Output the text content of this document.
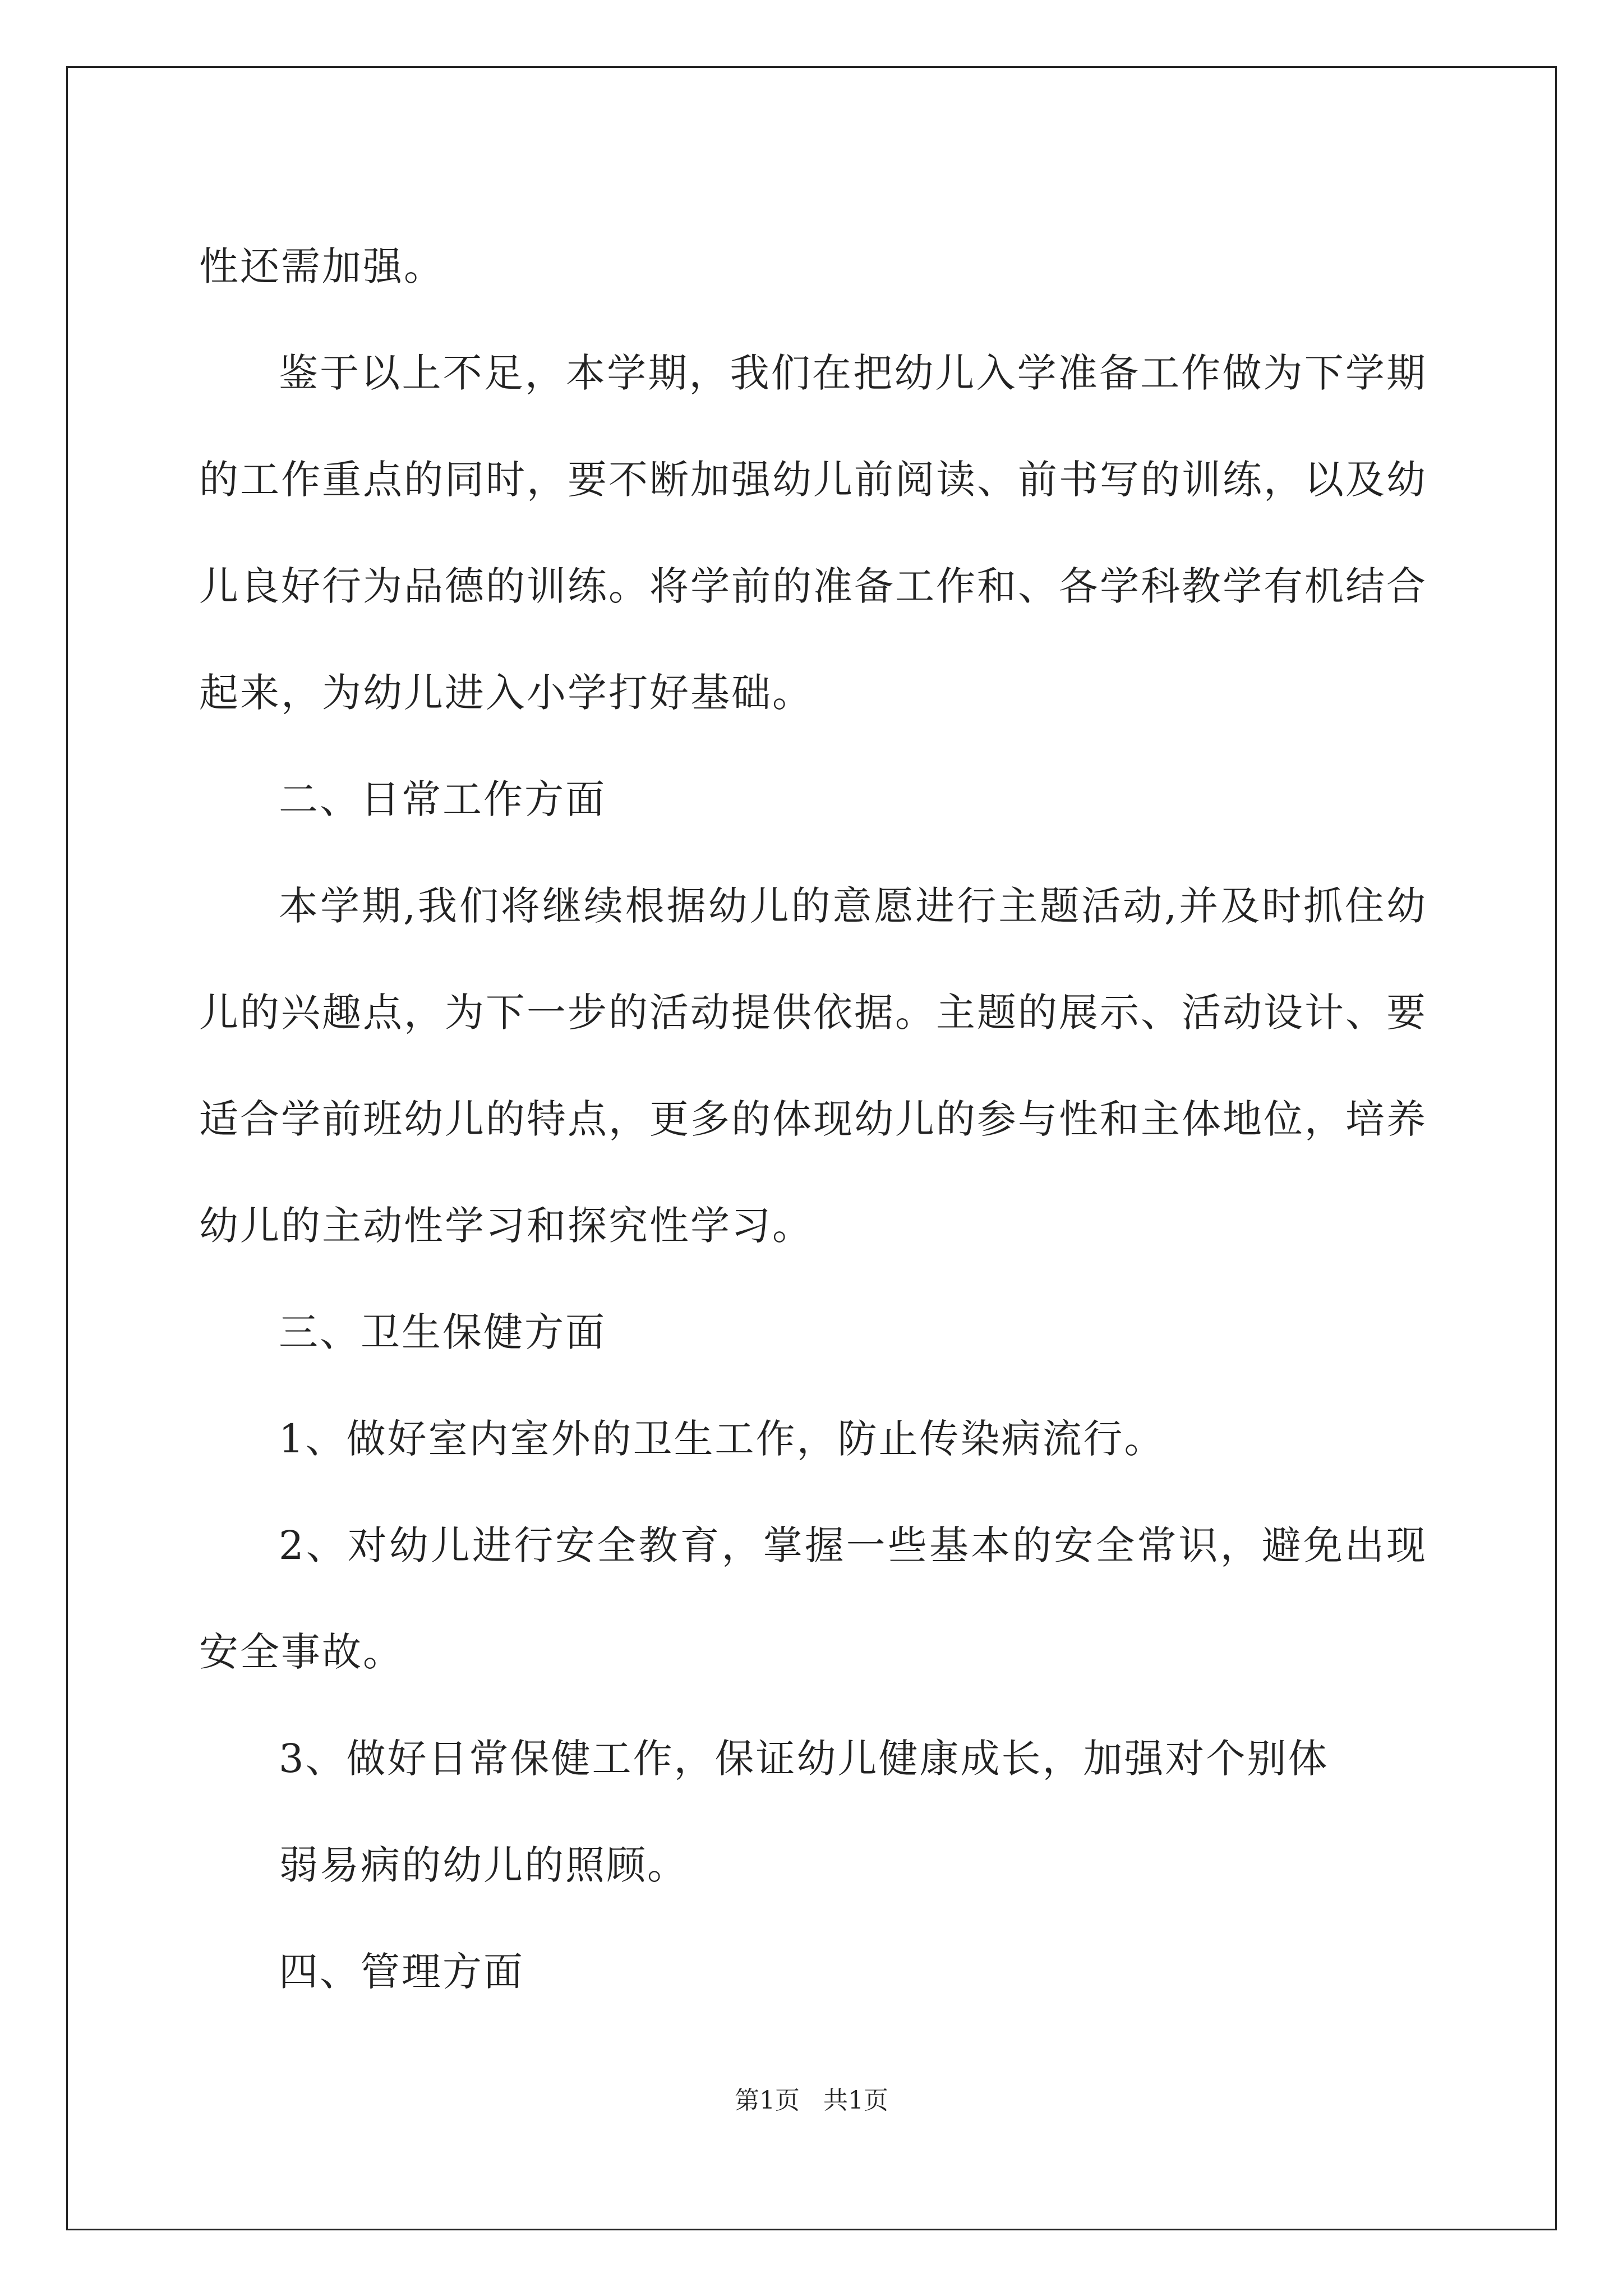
性还需加强。

鉴于以上不足，本学期，我们在把幼儿入学准备工作做为下学期的工作重点的同时，要不断加强幼儿前阅读、前书写的训练，以及幼儿良好行为品德的训练。将学前的准备工作和、各学科教学有机结合起来，为幼儿进入小学打好基础。

二、日常工作方面

本学期,我们将继续根据幼儿的意愿进行主题活动,并及时抓住幼儿的兴趣点，为下一步的活动提供依据。主题的展示、活动设计、要适合学前班幼儿的特点，更多的体现幼儿的参与性和主体地位，培养幼儿的主动性学习和探究性学习。

三、卫生保健方面

1、做好室内室外的卫生工作，防止传染病流行。

2、对幼儿进行安全教育，掌握一些基本的安全常识，避免出现安全事故。

3、做好日常保健工作，保证幼儿健康成长，加强对个别体

弱易病的幼儿的照顾。

四、管理方面

第1页   共1页
